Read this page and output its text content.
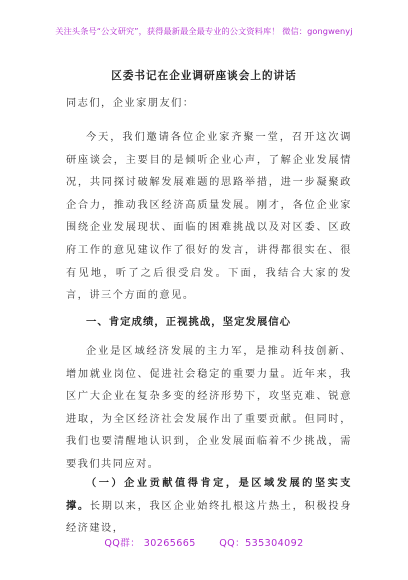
关注头条号“公文研究”，获得最新最全最专业的公文资料库！ 微信：gongwenyj
区委书记在企业调研座谈会上的讲话
同志们，企业家朋友们：
今天，我们邀请各位企业家齐聚一堂，召开这次调研座谈会，主要目的是倾听企业心声，了解企业发展情况，共同探讨破解发展难题的思路举措，进一步凝聚政企合力，推动我区经济高质量发展。刚才，各位企业家围绕企业发展现状、面临的困难挑战以及对区委、区政府工作的意见建议作了很好的发言，讲得都很实在、很有见地，听了之后很受启发。下面，我结合大家的发言，讲三个方面的意见。
一、肯定成绩，正视挑战，坚定发展信心
企业是区域经济发展的主力军，是推动科技创新、增加就业岗位、促进社会稳定的重要力量。近年来，我区广大企业在复杂多变的经济形势下，攻坚克难、锐意进取，为全区经济社会发展作出了重要贡献。但同时，我们也要清醒地认识到，企业发展面临着不少挑战，需要我们共同应对。
（一）企业贡献值得肯定，是区域发展的坚实支撑。长期以来，我区企业始终扎根这片热土，积极投身经济建设，
QQ群： 30265665 QQ：535304092
